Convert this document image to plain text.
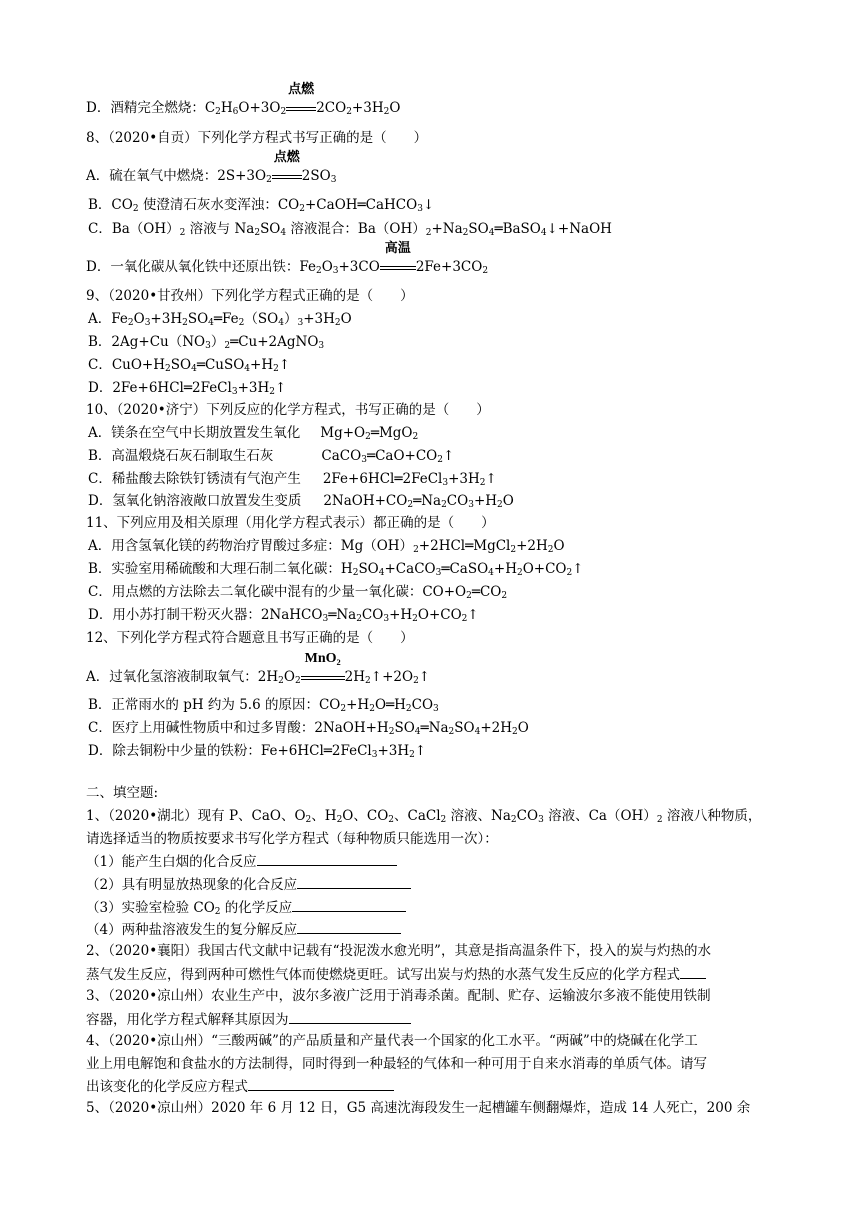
D．酒精完全燃烧：$C_2H_6O+3O_2$
点燃
$2CO_2+3H_2O$
8、（2020•自贡）下列化学方程式书写正确的是（　　）
A．硫在氧气中燃烧：$2S+3O_2$
点燃
$2SO_3$
B．$CO_2$ 使澄清石灰水变浑浊：$CO_2+CaOH═CaHCO_3↓$
C．$Ba(OH)_2$ 溶液与 $Na_2SO_4$ 溶液混合：$Ba(OH)_2+Na_2SO_4═BaSO_4↓+NaOH$
D．一氧化碳从氧化铁中还原出铁：$Fe_2O_3+3CO$
高温
$2Fe+3CO_2$
9、（2020•甘孜州）下列化学方程式正确的是（　　）
A．$Fe_2O_3+3H_2SO_4═Fe_2(SO_4)_3+3H_2O$
B．$2Ag+Cu(NO_3)_2═Cu+2AgNO_3$
C．$CuO+H_2SO_4═CuSO_4+H_2↑$
D．$2Fe+6HCl═2FeCl_3+3H_2↑$
10、（2020•济宁）下列反应的化学方程式，书写正确的是（　　）
A．镁条在空气中长期放置发生氧化 $Mg+O_2═MgO_2$
B．高温煅烧石灰石制取生石灰	$CaCO_3═CaO+CO_2↑$
C．稀盐酸去除铁钉锈渍有气泡产生 $2Fe+6HCl═2FeCl_3+3H_2↑$
D．氢氧化钠溶液敞口放置发生变质 $2NaOH+CO_2═Na_2CO_3+H_2O$
11、下列应用及相关原理（用化学方程式表示）都正确的是（　　）
A．用含氢氧化镁的药物治疗胃酸过多症：$Mg(OH)_2+2HCl═MgCl_2+2H_2O$
B．实验室用稀硫酸和大理石制二氧化碳：$H_2SO_4+CaCO_3═CaSO_4+H_2O+CO_2↑$
C．用点燃的方法除去二氧化碳中混有的少量一氧化碳：$CO+O_2═CO_2$
D．用小苏打制干粉灭火器：$2NaHCO_3═Na_2CO_3+H_2O+CO_2↑$
12、下列化学方程式符合题意且书写正确的是（　　）
A．过氧化氢溶液制取氧气：$2H_2O_2$
MnO₂
$2H_2↑+2O_2↑$
B．正常雨水的 pH 约为 5.6 的原因：$CO_2+H_2O═H_2CO_3$
C．医疗上用碱性物质中和过多胃酸：$2NaOH+H_2SO_4═Na_2SO_4+2H_2O$
D．除去铜粉中少量的铁粉：$Fe+6HCl═2FeCl_3+3H_2↑$
二、填空题:
1、（2020•湖北）现有 P、CaO、$O_2$、$H_2O$、$CO_2$、CaCl$_2$ 溶液、$Na_2CO_3$ 溶液、$Ca(OH)_2$ 溶液八种物质，
请选择适当的物质按要求书写化学方程式（每种物质只能选用一次）：
（1）能产生白烟的化合反应
（2）具有明显放热现象的化合反应
（3）实验室检验 $CO_2$ 的化学反应
（4）两种盐溶液发生的复分解反应
2、（2020•襄阳）我国古代文献中记载有“投泥泼水愈光明”，其意是指高温条件下，投入的炭与灼热的水
蒸气发生反应，得到两种可燃性气体而使燃烧更旺。试写出炭与灼热的水蒸气发生反应的化学方程式
3、（2020•凉山州）农业生产中，波尔多液广泛用于消毒杀菌。配制、贮存、运输波尔多液不能使用铁制
容器，用化学方程式解释其原因为
4、（2020•凉山州）“三酸两碱”的产品质量和产量代表一个国家的化工水平。“两碱”中的烧碱在化学工
业上用电解饱和食盐水的方法制得，同时得到一种最轻的气体和一种可用于自来水消毒的单质气体。请写
出该变化的化学反应方程式
5、（2020•凉山州）2020 年 6 月 12 日，G5 高速沈海段发生一起槽罐车侧翻爆炸，造成 14 人死亡，200 余
